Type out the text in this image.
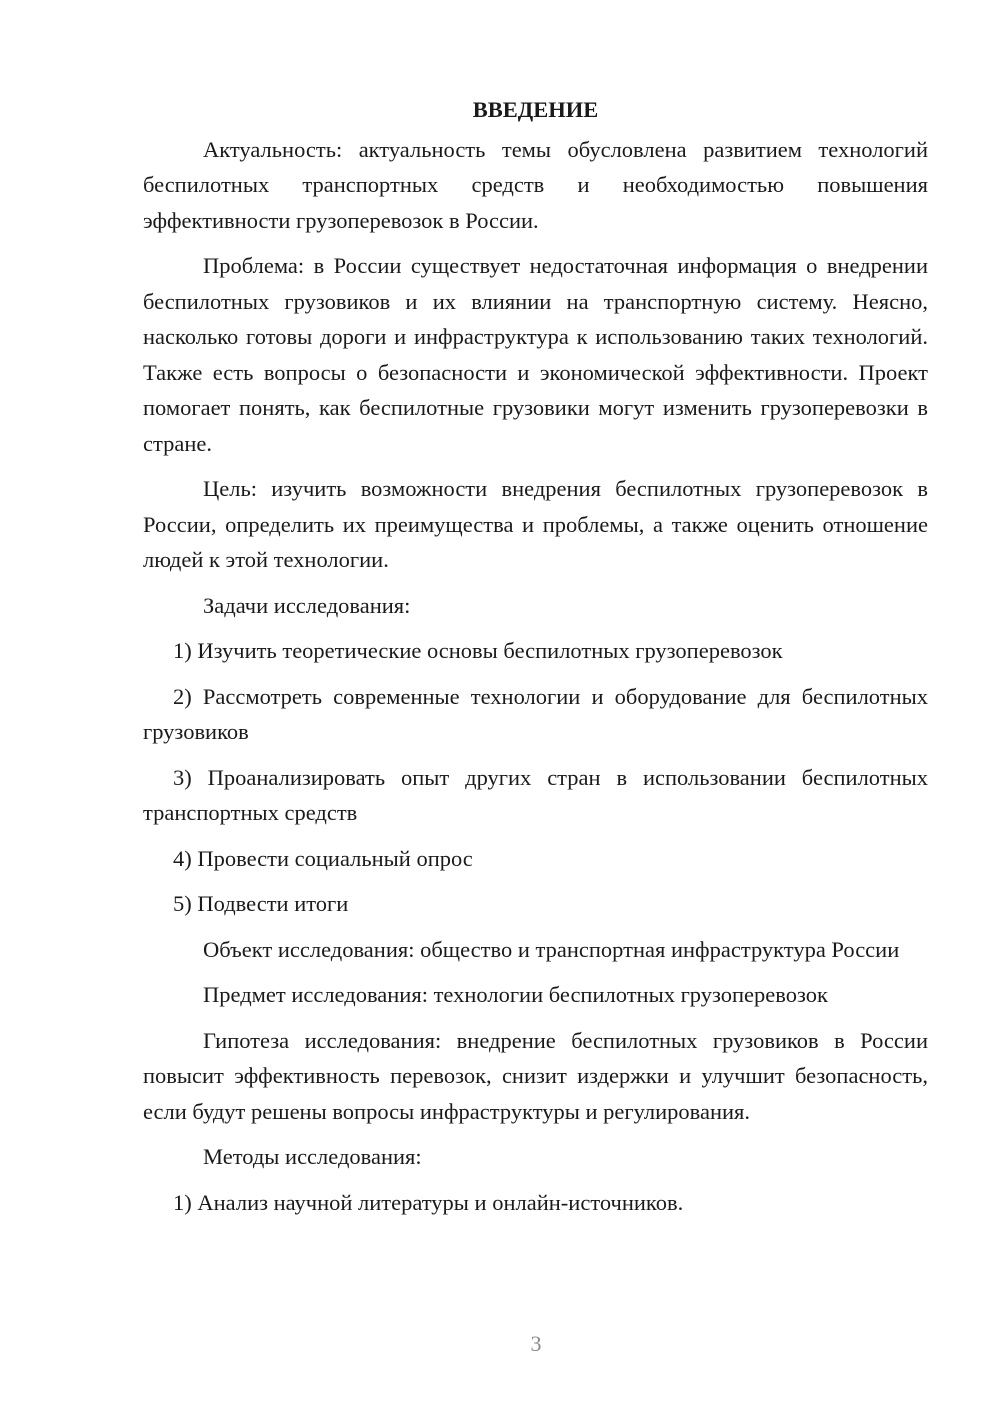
ВВЕДЕНИЕ

Актуальность: актуальность темы обусловлена развитием технологий беспилотных транспортных средств и необходимостью повышения эффективности грузоперевозок в России.

Проблема: в России существует недостаточная информация о внедрении беспилотных грузовиков и их влиянии на транспортную систему. Неясно, насколько готовы дороги и инфраструктура к использованию таких технологий. Также есть вопросы о безопасности и экономической эффективности. Проект помогает понять, как беспилотные грузовики могут изменить грузоперевозки в стране.

Цель: изучить возможности внедрения беспилотных грузоперевозок в России, определить их преимущества и проблемы, а также оценить отношение людей к этой технологии.

Задачи исследования:

1) Изучить теоретические основы беспилотных грузоперевозок

2) Рассмотреть современные технологии и оборудование для беспилотных грузовиков

3) Проанализировать опыт других стран в использовании беспилотных транспортных средств

4) Провести социальный опрос

5) Подвести итоги

Объект исследования: общество и транспортная инфраструктура России

Предмет исследования: технологии беспилотных грузоперевозок

Гипотеза исследования: внедрение беспилотных грузовиков в России повысит эффективность перевозок, снизит издержки и улучшит безопасность, если будут решены вопросы инфраструктуры и регулирования.

Методы исследования:

1) Анализ научной литературы и онлайн-источников.

3
